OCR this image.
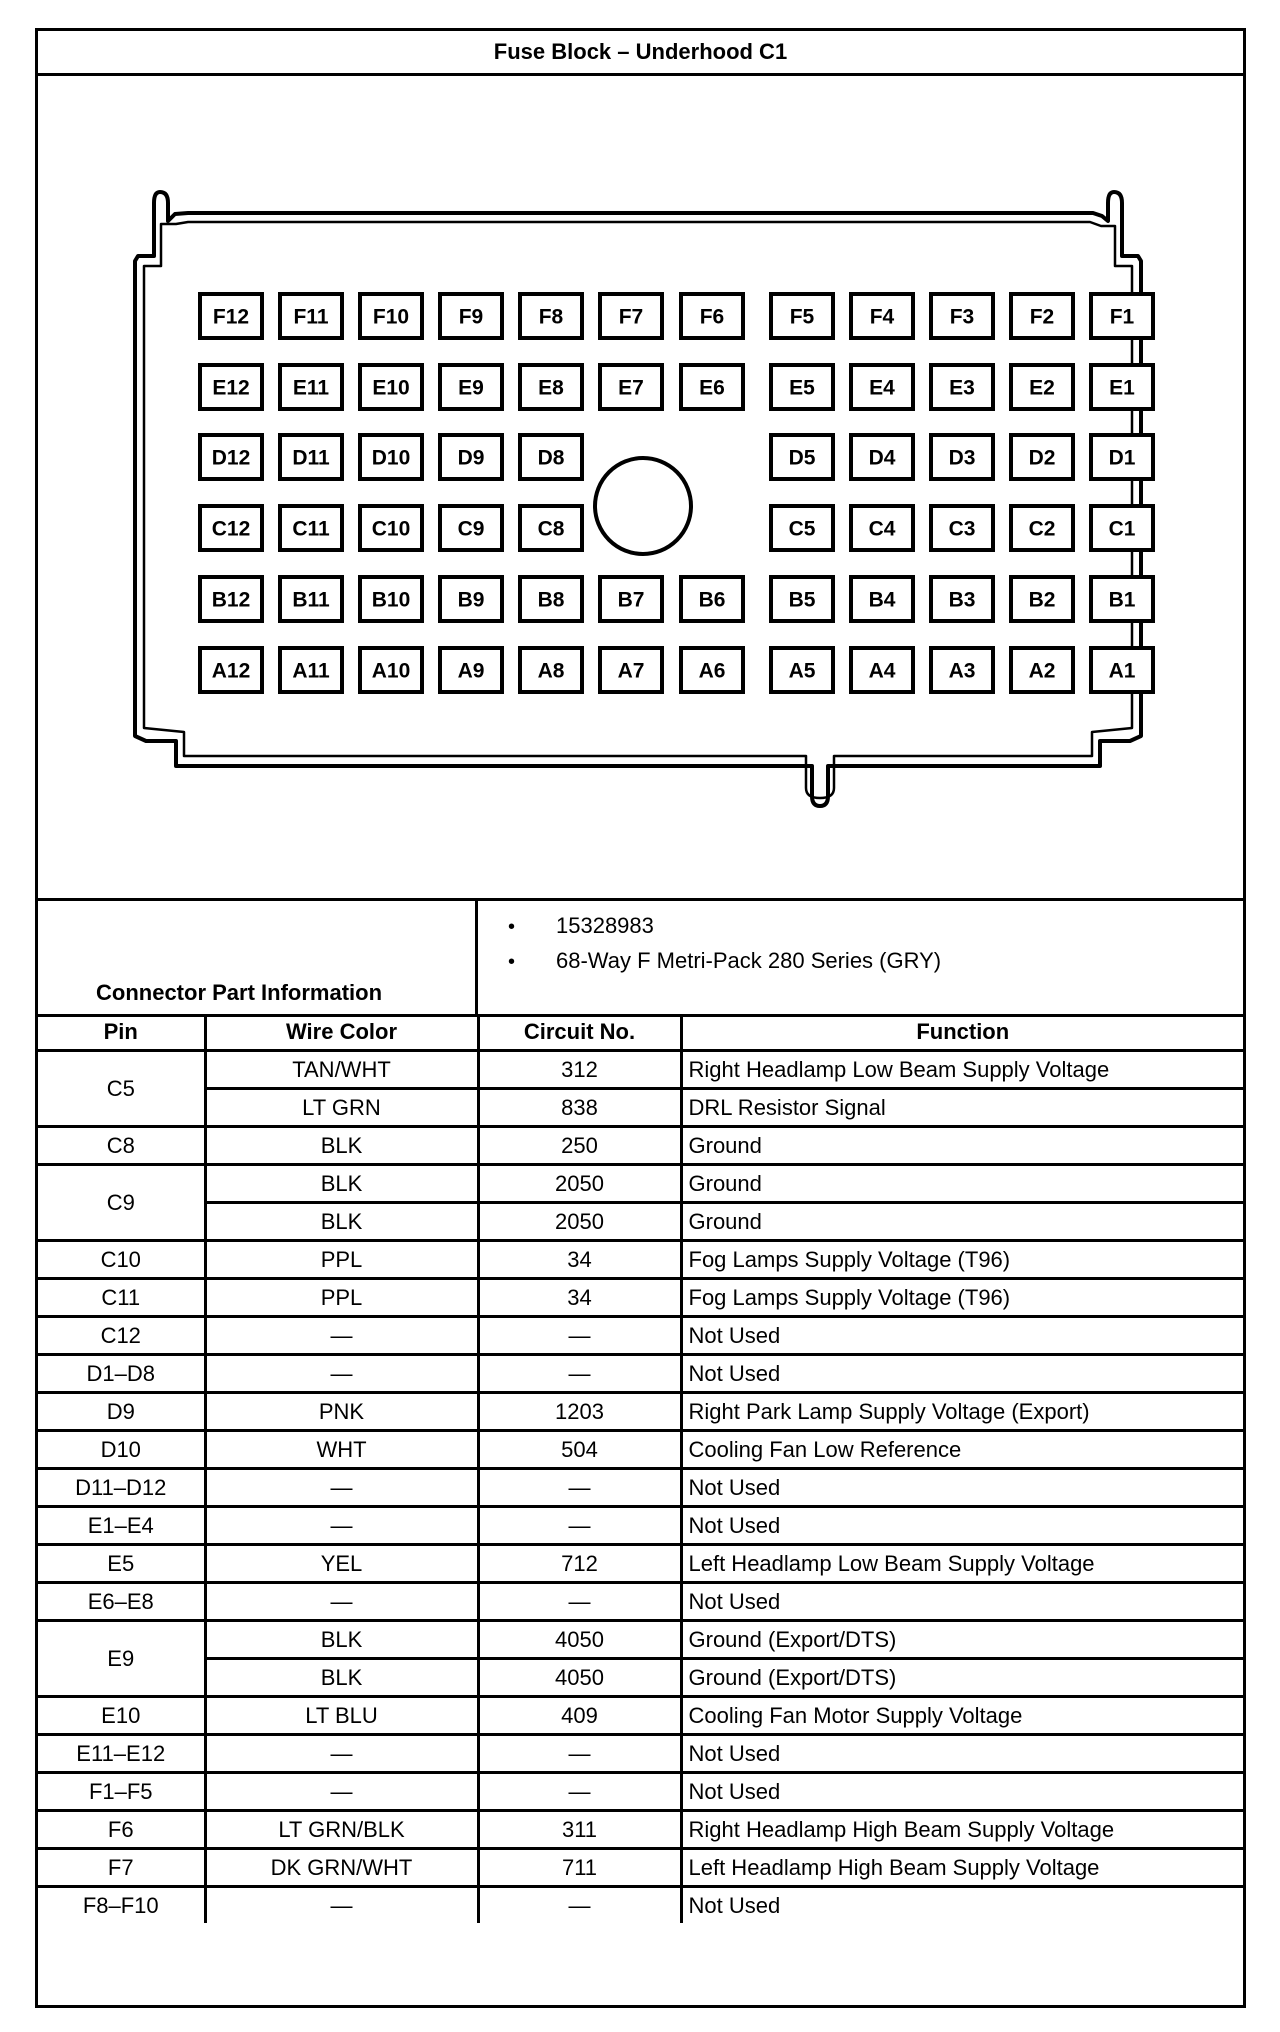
Fuse Block – Underhood C1
F12 F11 F10 F9	F8	F7	F6	F5	F4	F3	F2	F1
E12 E11 E10 E9	E8	E7	E6	E5	E4	E3	E2	E1
D12 D11 D10 D9	D8	D5	D4	D3	D2	D1
C12 C11 C10 C9	C8	C5	C4	C3	C2	C1
B12 B11 B10 B9	B8	B7	B6	B5	B4	B3	B2	B1
A12 A11 A10 A9	A8	A7	A6	A5	A4	A3	A2	A1
Connector Part Information
• 15328983
• 68-Way F Metri-Pack 280 Series (GRY)
Pin	Wire Color	Circuit No.	Function
C5	TAN/WHT	312	Right Headlamp Low Beam Supply Voltage
	LT GRN	838	DRL Resistor Signal
C8	BLK	250	Ground
C9	BLK	2050	Ground
	BLK	2050	Ground
C10	PPL	34	Fog Lamps Supply Voltage (T96)
C11	PPL	34	Fog Lamps Supply Voltage (T96)
C12	—	—	Not Used
D1–D8	—	—	Not Used
D9	PNK	1203	Right Park Lamp Supply Voltage (Export)
D10	WHT	504	Cooling Fan Low Reference
D11–D12	—	—	Not Used
E1–E4	—	—	Not Used
E5	YEL	712	Left Headlamp Low Beam Supply Voltage
E6–E8	—	—	Not Used
E9	BLK	4050	Ground (Export/DTS)
	BLK	4050	Ground (Export/DTS)
E10	LT BLU	409	Cooling Fan Motor Supply Voltage
E11–E12	—	—	Not Used
F1–F5	—	—	Not Used
F6	LT GRN/BLK	311	Right Headlamp High Beam Supply Voltage
F7	DK GRN/WHT	711	Left Headlamp High Beam Supply Voltage
F8–F10	—	—	Not Used
